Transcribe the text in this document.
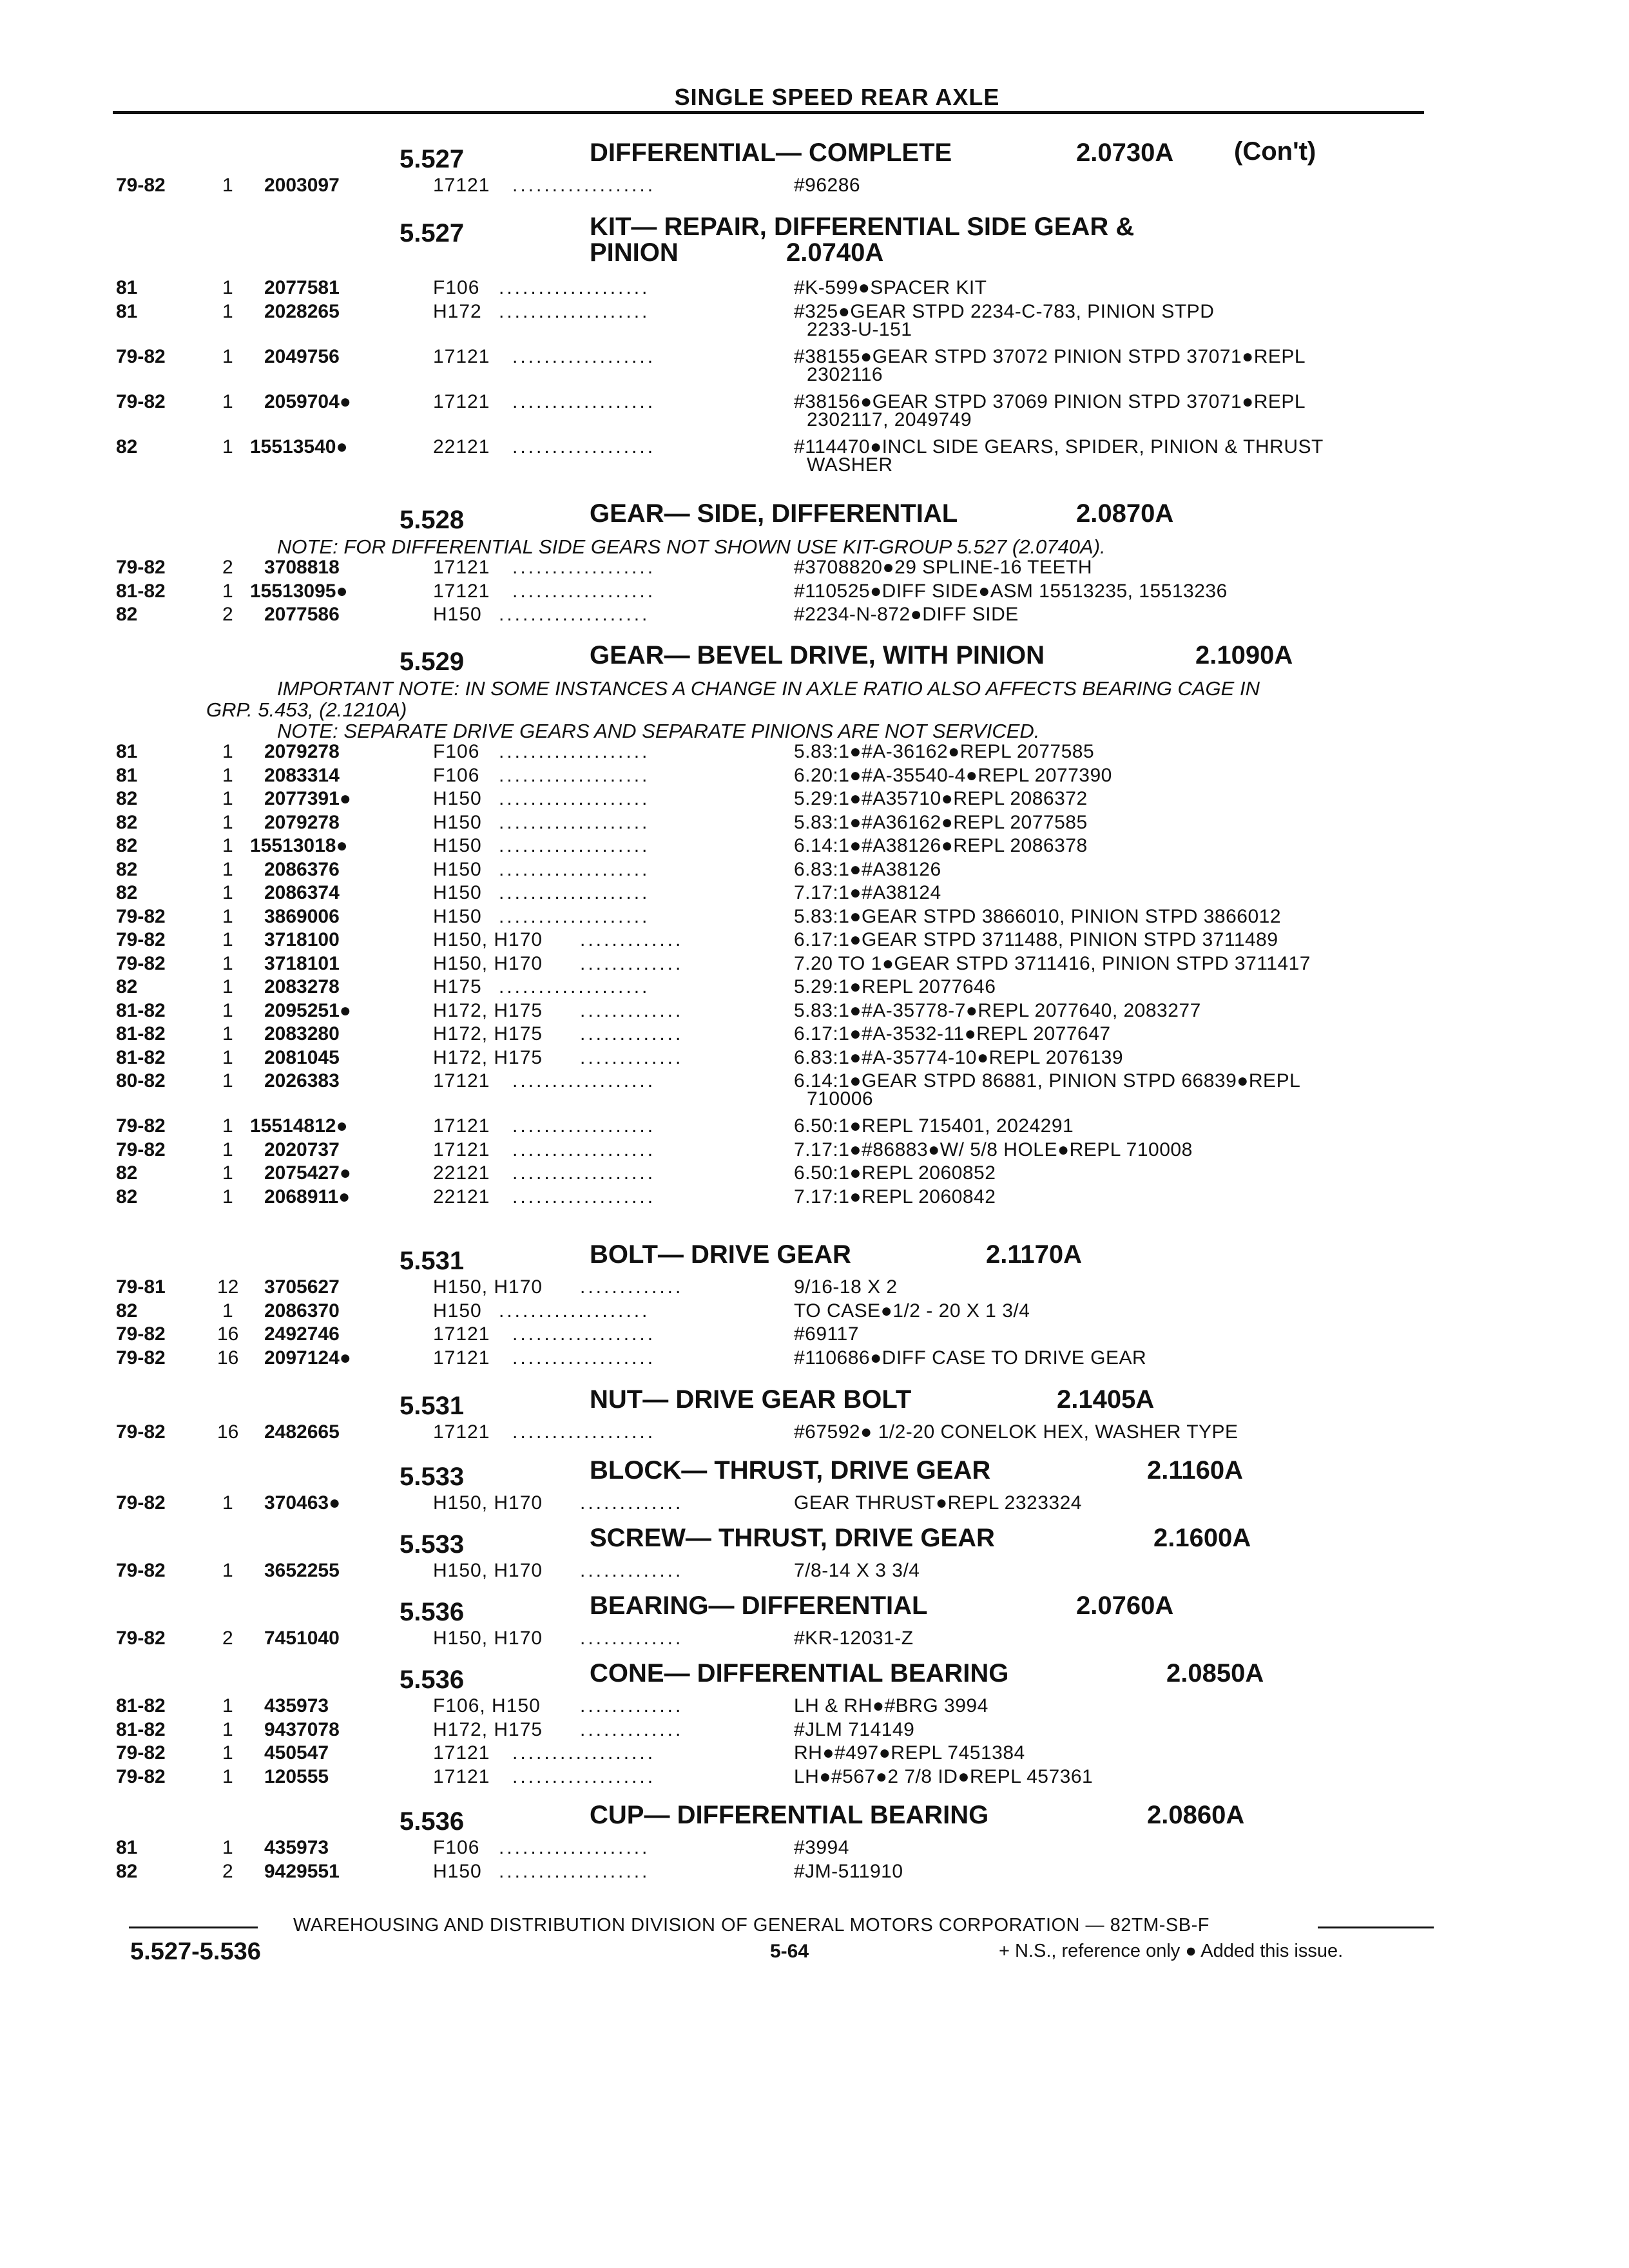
SINGLE SPEED REAR AXLE
5.527	DIFFERENTIAL— COMPLETE	2.0730A (Con't)
79-82	1 2003097	17121 ..................	#96286
5.527	KIT— REPAIR, DIFFERENTIAL SIDE GEAR &
PINION	2.0740A
81	1 2077581	F106 ...................	#K-599●SPACER KIT
81	1 2028265	H172 ...................	#325●GEAR STPD 2234-C-783, PINION STPD
2233-U-151
79-82	1 2049756	17121 ..................	#38155●GEAR STPD 37072 PINION STPD 37071●REPL
2302116
79-82	1 2059704●	17121 ..................	#38156●GEAR STPD 37069 PINION STPD 37071●REPL
2302117, 2049749
82	1 15513540●	22121 ..................	#114470●INCL SIDE GEARS, SPIDER, PINION & THRUST
WASHER
5.528	GEAR— SIDE, DIFFERENTIAL	2.0870A
NOTE: FOR DIFFERENTIAL SIDE GEARS NOT SHOWN USE KIT-GROUP 5.527 (2.0740A).
79-82	2 3708818	17121 ..................	#3708820●29 SPLINE-16 TEETH
81-82	1 15513095●	17121 ..................	#110525●DIFF SIDE●ASM 15513235, 15513236
82	2 2077586	H150 ...................	#2234-N-872●DIFF SIDE
5.529	GEAR— BEVEL DRIVE, WITH PINION	2.1090A
IMPORTANT NOTE: IN SOME INSTANCES A CHANGE IN AXLE RATIO ALSO AFFECTS BEARING CAGE IN
GRP. 5.453, (2.1210A)
NOTE: SEPARATE DRIVE GEARS AND SEPARATE PINIONS ARE NOT SERVICED.
81	1 2079278	F106 ...................	5.83:1●#A-36162●REPL 2077585
81	1 2083314	F106 ...................	6.20:1●#A-35540-4●REPL 2077390
82	1 2077391●	H150 ...................	5.29:1●#A35710●REPL 2086372
82	1 2079278	H150 ...................	5.83:1●#A36162●REPL 2077585
82	1 15513018●	H150 ...................	6.14:1●#A38126●REPL 2086378
82	1 2086376	H150 ...................	6.83:1●#A38126
82	1 2086374	H150 ...................	7.17:1●#A38124
79-82	1 3869006	H150 ...................	5.83:1●GEAR STPD 3866010, PINION STPD 3866012
79-82	1 3718100	H150, H170 .............	6.17:1●GEAR STPD 3711488, PINION STPD 3711489
79-82	1 3718101	H150, H170 .............	7.20 TO 1●GEAR STPD 3711416, PINION STPD 3711417
82	1 2083278	H175 ...................	5.29:1●REPL 2077646
81-82	1 2095251●	H172, H175 .............	5.83:1●#A-35778-7●REPL 2077640, 2083277
81-82	1 2083280	H172, H175 .............	6.17:1●#A-3532-11●REPL 2077647
81-82	1 2081045	H172, H175 .............	6.83:1●#A-35774-10●REPL 2076139
80-82	1 2026383	17121 ..................	6.14:1●GEAR STPD 86881, PINION STPD 66839●REPL
710006
79-82	1 15514812●	17121 ..................	6.50:1●REPL 715401, 2024291
79-82	1 2020737	17121 ..................	7.17:1●#86883●W/ 5/8 HOLE●REPL 710008
82	1 2075427●	22121 ..................	6.50:1●REPL 2060852
82	1 2068911●	22121 ..................	7.17:1●REPL 2060842
5.531	BOLT— DRIVE GEAR	2.1170A
79-81	12 3705627	H150, H170 .............	9/16-18 X 2
82	1 2086370	H150 ...................	TO CASE●1/2 - 20 X 1 3/4
79-82	16 2492746	17121 ..................	#69117
79-82	16 2097124●	17121 ..................	#110686●DIFF CASE TO DRIVE GEAR
5.531	NUT— DRIVE GEAR BOLT	2.1405A
79-82	16 2482665	17121 ..................	#67592● 1/2-20 CONELOK HEX, WASHER TYPE
5.533	BLOCK— THRUST, DRIVE GEAR	2.1160A
79-82	1 370463●	H150, H170 .............	GEAR THRUST●REPL 2323324
5.533	SCREW— THRUST, DRIVE GEAR	2.1600A
79-82	1 3652255	H150, H170 .............	7/8-14 X 3 3/4
5.536	BEARING— DIFFERENTIAL	2.0760A
79-82	2 7451040	H150, H170 .............	#KR-12031-Z
5.536	CONE— DIFFERENTIAL BEARING	2.0850A
81-82	1 435973	F106, H150 .............	LH & RH●#BRG 3994
81-82	1 9437078	H172, H175 .............	#JLM 714149
79-82	1 450547	17121 ..................	RH●#497●REPL 7451384
79-82	1 120555	17121 ..................	LH●#567●2 7/8 ID●REPL 457361
5.536	CUP— DIFFERENTIAL BEARING	2.0860A
81	1 435973	F106 ...................	#3994
82	2 9429551	H150 ...................	#JM-511910
WAREHOUSING AND DISTRIBUTION DIVISION OF GENERAL MOTORS CORPORATION — 82TM-SB-F
5.527-5.536	5-64	+ N.S., reference only ● Added this issue.
